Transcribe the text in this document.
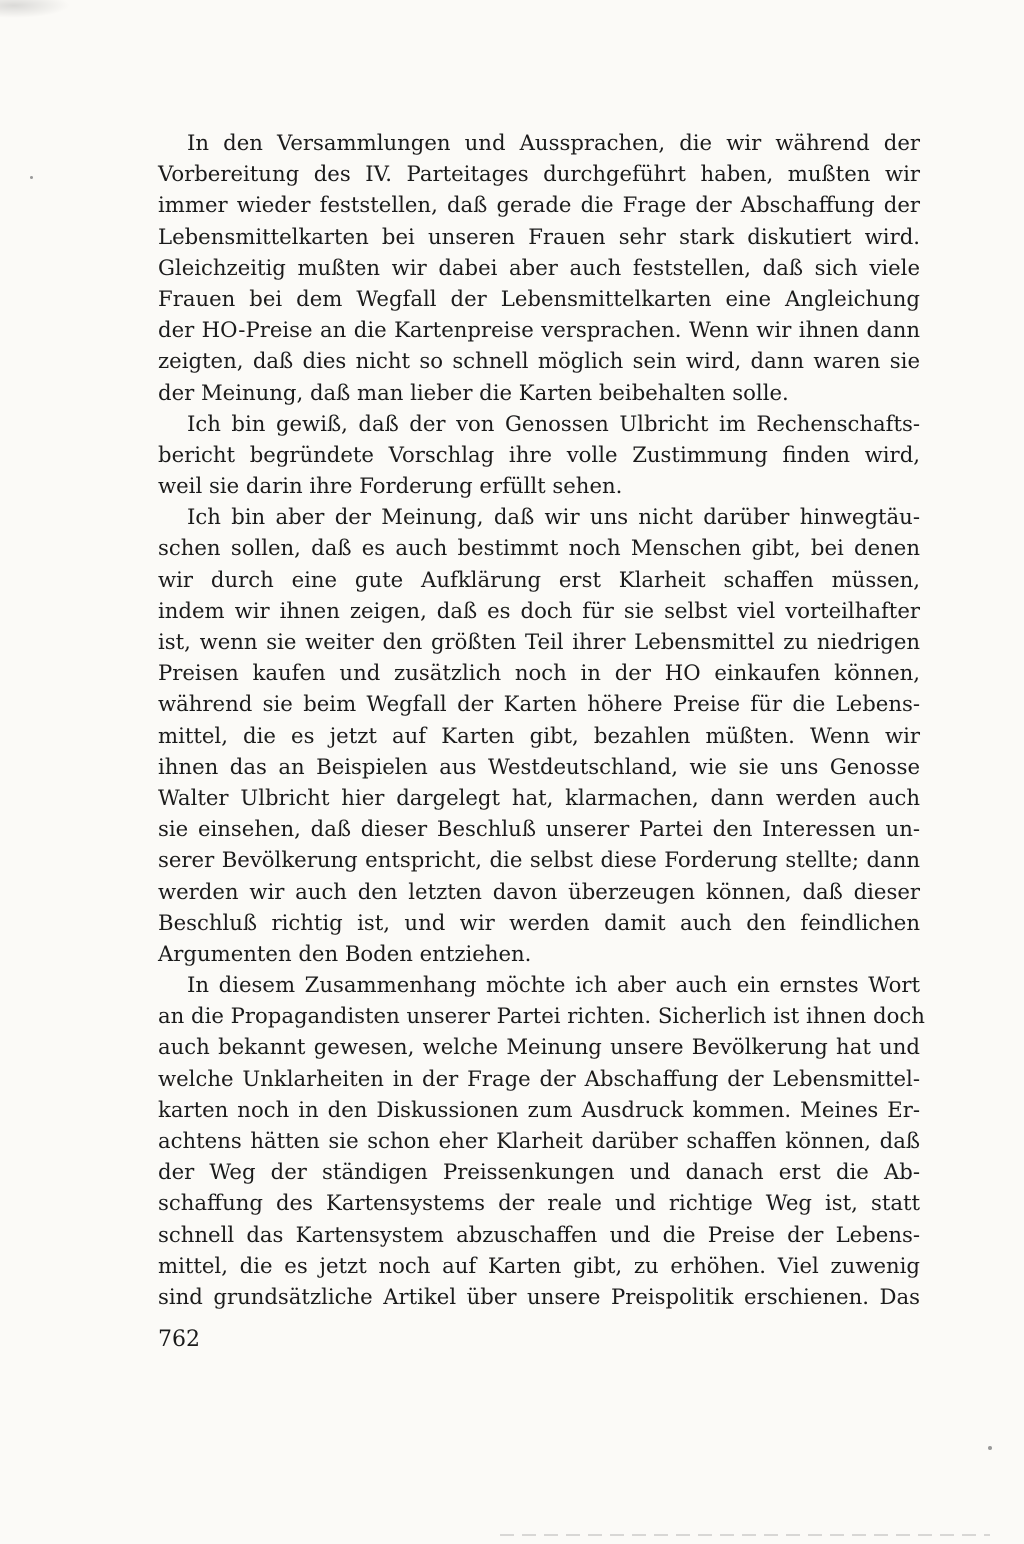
In den Versammlungen und Aussprachen, die wir während der
Vorbereitung des IV. Parteitages durchgeführt haben, mußten wir
immer wieder feststellen, daß gerade die Frage der Abschaffung der
Lebensmittelkarten bei unseren Frauen sehr stark diskutiert wird.
Gleichzeitig mußten wir dabei aber auch feststellen, daß sich viele
Frauen bei dem Wegfall der Lebensmittelkarten eine Angleichung
der HO-Preise an die Kartenpreise versprachen. Wenn wir ihnen dann
zeigten, daß dies nicht so schnell möglich sein wird, dann waren sie
der Meinung, daß man lieber die Karten beibehalten solle.

Ich bin gewiß, daß der von Genossen Ulbricht im Rechenschafts-
bericht begründete Vorschlag ihre volle Zustimmung finden wird,
weil sie darin ihre Forderung erfüllt sehen.

Ich bin aber der Meinung, daß wir uns nicht darüber hinwegtäu-
schen sollen, daß es auch bestimmt noch Menschen gibt, bei denen
wir durch eine gute Aufklärung erst Klarheit schaffen müssen,
indem wir ihnen zeigen, daß es doch für sie selbst viel vorteilhafter
ist, wenn sie weiter den größten Teil ihrer Lebensmittel zu niedrigen
Preisen kaufen und zusätzlich noch in der HO einkaufen können,
während sie beim Wegfall der Karten höhere Preise für die Lebens-
mittel, die es jetzt auf Karten gibt, bezahlen müßten. Wenn wir
ihnen das an Beispielen aus Westdeutschland, wie sie uns Genosse
Walter Ulbricht hier dargelegt hat, klarmachen, dann werden auch
sie einsehen, daß dieser Beschluß unserer Partei den Interessen un-
serer Bevölkerung entspricht, die selbst diese Forderung stellte; dann
werden wir auch den letzten davon überzeugen können, daß dieser
Beschluß richtig ist, und wir werden damit auch den feindlichen
Argumenten den Boden entziehen.

In diesem Zusammenhang möchte ich aber auch ein ernstes Wort
an die Propagandisten unserer Partei richten. Sicherlich ist ihnen doch
auch bekannt gewesen, welche Meinung unsere Bevölkerung hat und
welche Unklarheiten in der Frage der Abschaffung der Lebensmittel-
karten noch in den Diskussionen zum Ausdruck kommen. Meines Er-
achtens hätten sie schon eher Klarheit darüber schaffen können, daß
der Weg der ständigen Preissenkungen und danach erst die Ab-
schaffung des Kartensystems der reale und richtige Weg ist, statt
schnell das Kartensystem abzuschaffen und die Preise der Lebens-
mittel, die es jetzt noch auf Karten gibt, zu erhöhen. Viel zuwenig
sind grundsätzliche Artikel über unsere Preispolitik erschienen. Das

762
